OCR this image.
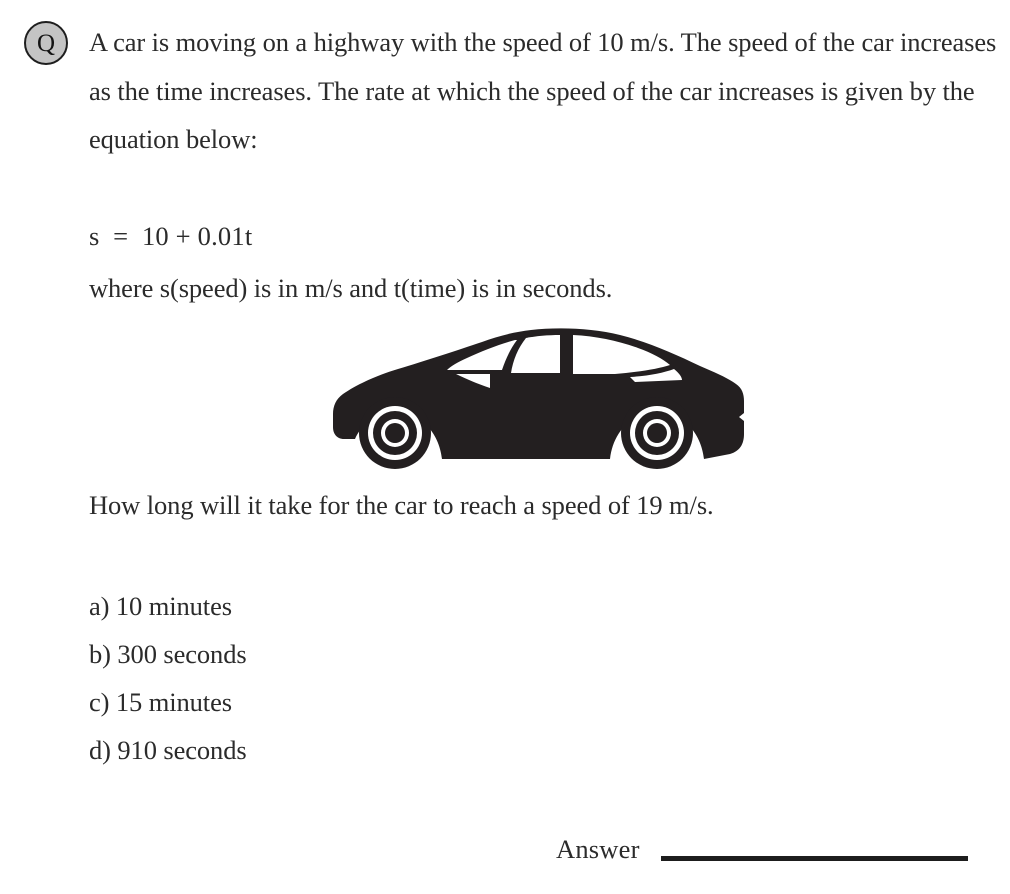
Q	A car is moving on a highway with the speed of 10 m/s. The speed of the car increases as the time increases. The rate at which the speed of the car increases is given by the equation below:
s  =  10 + 0.01t
where s(speed) is in m/s and t(time) is in seconds.
How long will it take for the car to reach a speed of 19 m/s.
a) 10 minutes
b) 300 seconds
c) 15 minutes
d) 910 seconds
Answer
